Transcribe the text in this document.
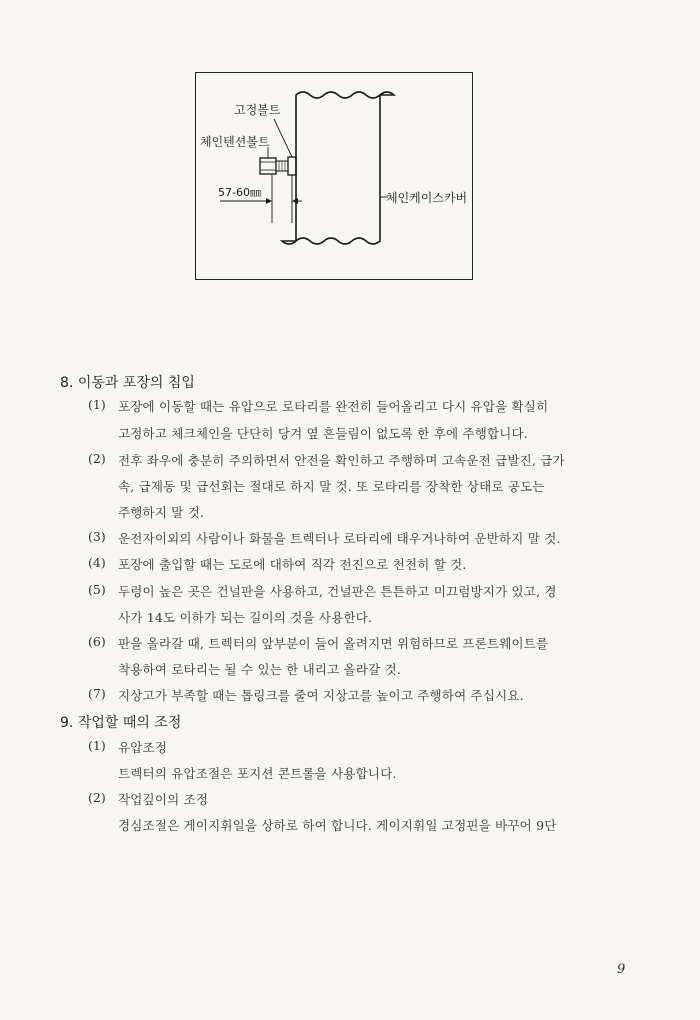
고정볼트
체인텐션볼트
57-60㎜	체인케이스카버
8. 이동과 포장의 침입
(1) 포장에 이동할 때는 유압으로 로타리를 완전히 들어올리고 다시 유압을 확실히
고정하고 체크체인을 단단히 당겨 옆 흔들림이 없도록 한 후에 주행합니다.
(2) 전후 좌우에 충분히 주의하면서 안전을 확인하고 주행하며 고속운전 급발진, 급가
속, 급제동 및 급선회는 절대로 하지 말 것. 또 로타리를 장착한 상태로 공도는
주행하지 말 것.
(3) 운전자이외의 사람이나 화물을 트렉터나 로타리에 태우거나하여 운반하지 말 것.
(4) 포장에 출입할 때는 도로에 대하여 직각 전진으로 천천히 할 것.
(5) 두렁이 높은 곳은 건널판을 사용하고, 건널판은 튼튼하고 미끄럼방지가 있고, 경
사가 14도 이하가 되는 길이의 것을 사용한다.
(6) 판을 올라갈 때, 트렉터의 앞부분이 들어 올려지면 위험하므로 프론트웨이트를
착용하여 로타리는 될 수 있는 한 내리고 올라갈 것.
(7) 지상고가 부족할 때는 톱링크를 줄여 지상고를 높이고 주행하여 주십시요.
9. 작업할 때의 조정
(1) 유압조정
트렉터의 유압조절은 포지션 콘트롤을 사용합니다.
(2) 작업깊이의 조정
경심조절은 게이지휘일을 상하로 하여 합니다. 게이지휘일 고정핀을 바꾸어 9단
9
